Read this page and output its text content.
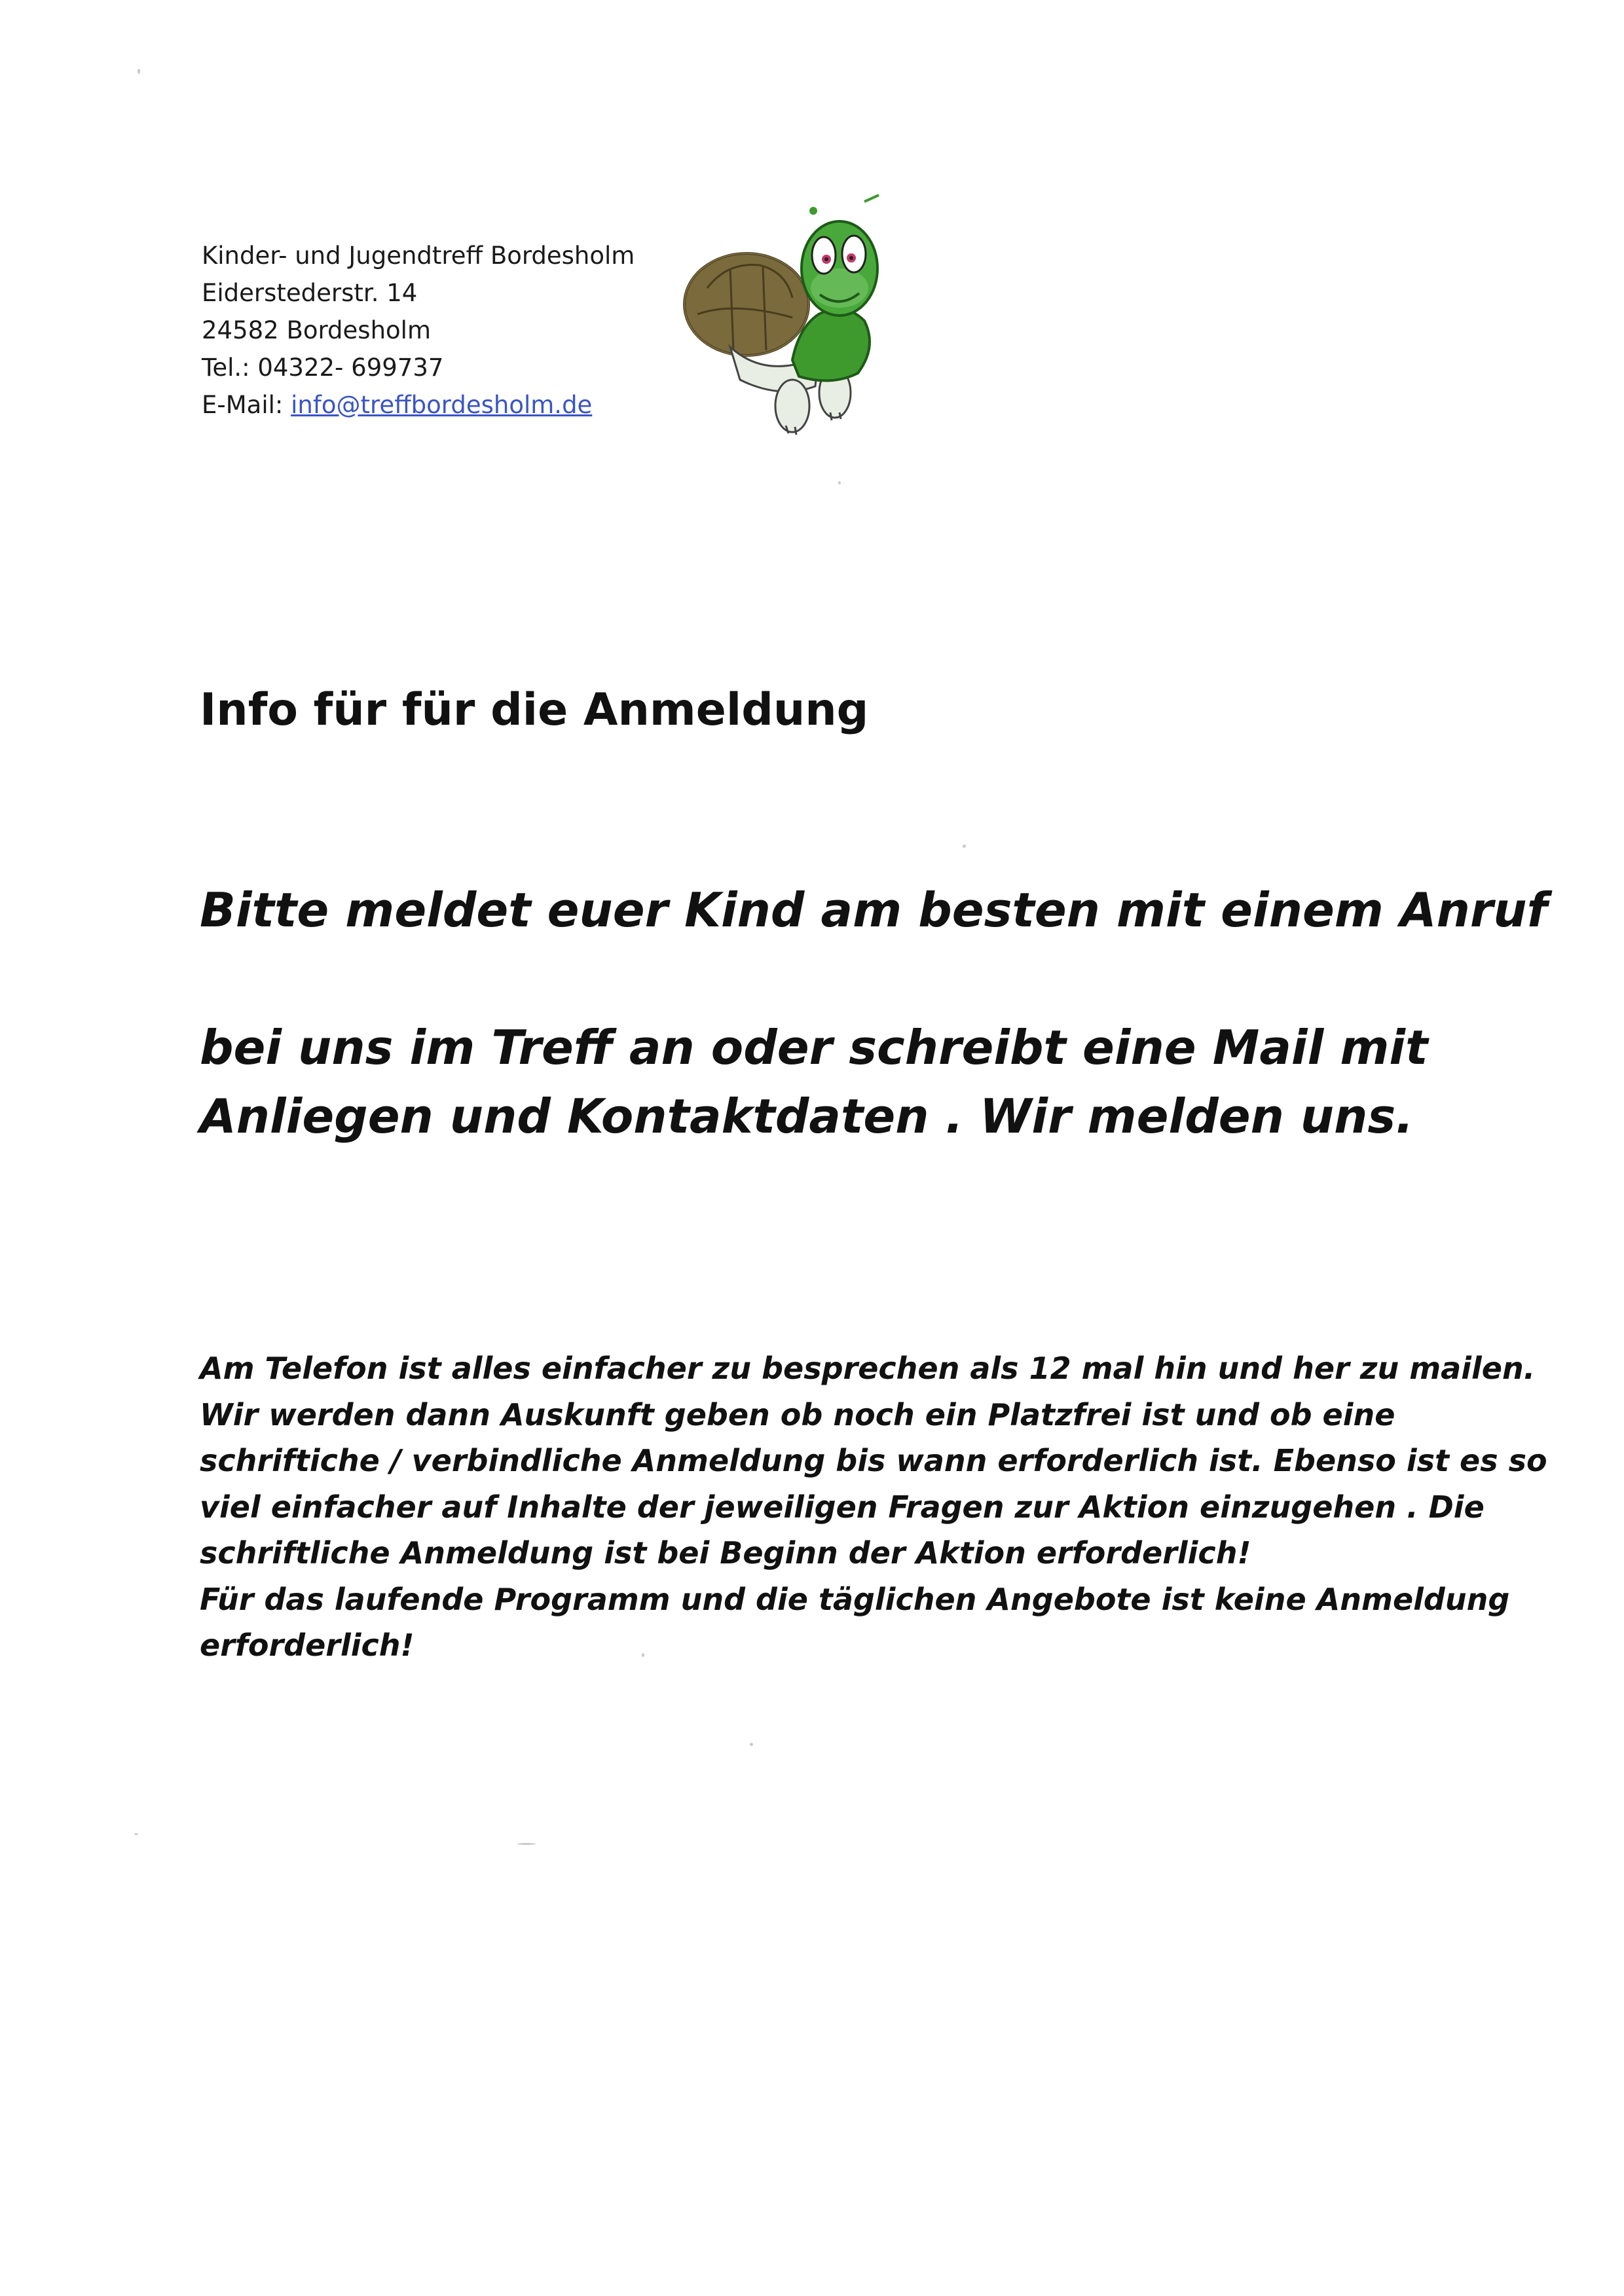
Kinder- und Jugendtreff Bordesholm
Eiderstederstr. 14
24582 Bordesholm
Tel.: 04322- 699737
E-Mail: info@treffbordesholm.de
Info für für die Anmeldung
Bitte meldet euer Kind am besten mit einem Anruf
bei uns im Treff an oder schreibt eine Mail mit
Anliegen und Kontaktdaten . Wir melden uns.
Am Telefon ist alles einfacher zu besprechen als 12 mal hin und her zu mailen.
Wir werden dann Auskunft geben ob noch ein Platzfrei ist und ob eine
schriftiche / verbindliche Anmeldung bis wann erforderlich ist. Ebenso ist es so
viel einfacher auf Inhalte der jeweiligen Fragen zur Aktion einzugehen . Die
schriftliche Anmeldung ist bei Beginn der Aktion erforderlich!
Für das laufende Programm und die täglichen Angebote ist keine Anmeldung
erforderlich!
